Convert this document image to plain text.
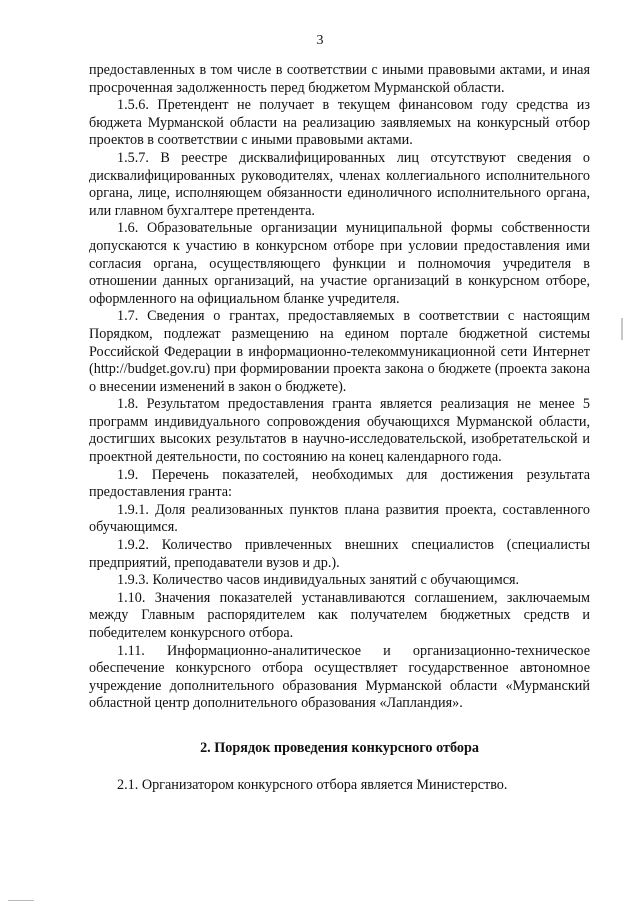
3

предоставленных в том числе в соответствии с иными правовыми актами, и иная просроченная задолженность перед бюджетом Мурманской области.

1.5.6. Претендент не получает в текущем финансовом году средства из бюджета Мурманской области на реализацию заявляемых на конкурсный отбор проектов в соответствии с иными правовыми актами.

1.5.7. В реестре дисквалифицированных лиц отсутствуют сведения о дисквалифицированных руководителях, членах коллегиального исполнительного органа, лице, исполняющем обязанности единоличного исполнительного органа, или главном бухгалтере претендента.

1.6. Образовательные организации муниципальной формы собственности допускаются к участию в конкурсном отборе при условии предоставления ими согласия органа, осуществляющего функции и полномочия учредителя в отношении данных организаций, на участие организаций в конкурсном отборе, оформленного на официальном бланке учредителя.

1.7. Сведения о грантах, предоставляемых в соответствии с настоящим Порядком, подлежат размещению на едином портале бюджетной системы Российской Федерации в информационно-телекоммуникационной сети Интернет (http://budget.gov.ru) при формировании проекта закона о бюджете (проекта закона о внесении изменений в закон о бюджете).

1.8. Результатом предоставления гранта является реализация не менее 5 программ индивидуального сопровождения обучающихся Мурманской области, достигших высоких результатов в научно-исследовательской, изобретательской и проектной деятельности, по состоянию на конец календарного года.

1.9. Перечень показателей, необходимых для достижения результата предоставления гранта:

1.9.1. Доля реализованных пунктов плана развития проекта, составленного обучающимся.

1.9.2. Количество привлеченных внешних специалистов (специалисты предприятий, преподаватели вузов и др.).

1.9.3. Количество часов индивидуальных занятий с обучающимся.

1.10. Значения показателей устанавливаются соглашением, заключаемым между Главным распорядителем как получателем бюджетных средств и победителем конкурсного отбора.

1.11. Информационно-аналитическое и организационно-техническое обеспечение конкурсного отбора осуществляет государственное автономное учреждение дополнительного образования Мурманской области «Мурманский областной центр дополнительного образования «Лапландия».

2. Порядок проведения конкурсного отбора

2.1. Организатором конкурсного отбора является Министерство.
